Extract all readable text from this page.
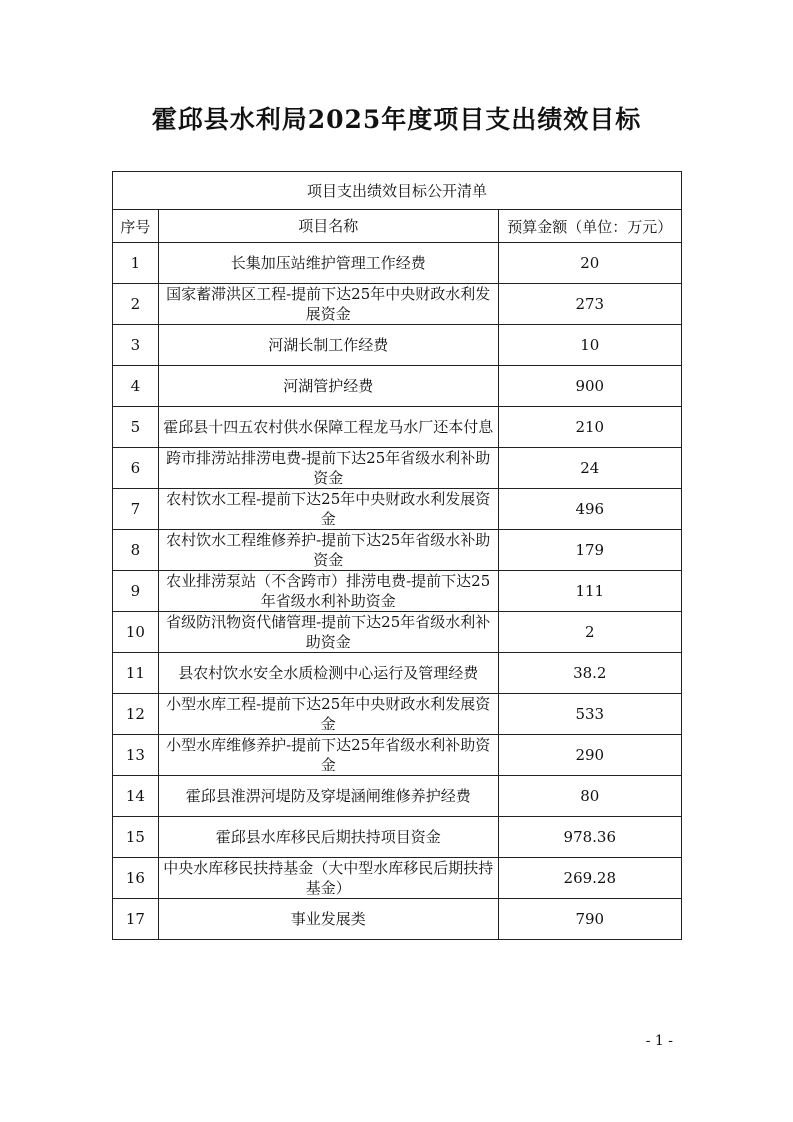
霍邱县水利局2025年度项目支出绩效目标
项目支出绩效目标公开清单		
序号	项目名称	预算金额（单位：万元）
1	长集加压站维护管理工作经费	20
2	国家蓄滞洪区工程-提前下达25年中央财政水利发展资金	273
3	河湖长制工作经费	10
4	河湖管护经费	900
5	霍邱县十四五农村供水保障工程龙马水厂还本付息	210
6	跨市排涝站排涝电费-提前下达25年省级水利补助资金	24
7	农村饮水工程-提前下达25年中央财政水利发展资金	496
8	农村饮水工程维修养护-提前下达25年省级水补助资金	179
9	农业排涝泵站（不含跨市）排涝电费-提前下达25年省级水利补助资金	111
10	省级防汛物资代储管理-提前下达25年省级水利补助资金	2
11	县农村饮水安全水质检测中心运行及管理经费	38.2
12	小型水库工程-提前下达25年中央财政水利发展资金	533
13	小型水库维修养护-提前下达25年省级水利补助资金	290
14	霍邱县淮淠河堤防及穿堤涵闸维修养护经费	80
15	霍邱县水库移民后期扶持项目资金	978.36
16	中央水库移民扶持基金（大中型水库移民后期扶持基金）	269.28
17	事业发展类	790
- 1 -
